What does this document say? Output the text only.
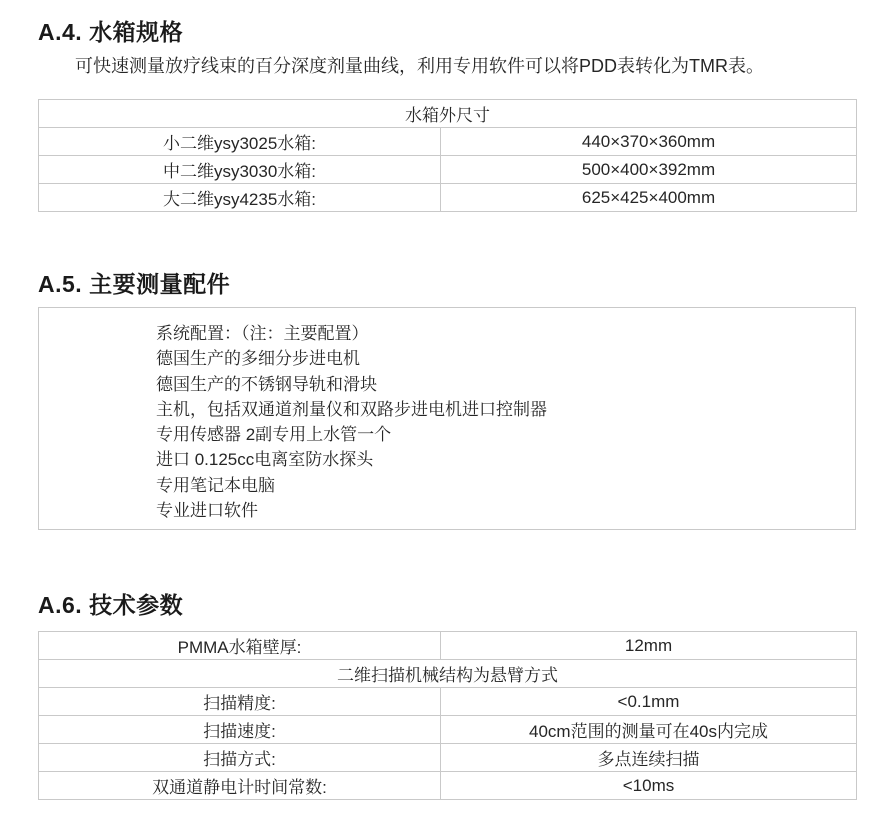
A.4. 水箱规格

可快速测量放疗线束的百分深度剂量曲线，利用专用软件可以将PDD表转化为TMR表。

水箱外尺寸	
小二维ysy3025水箱:	440×370×360mm
中二维ysy3030水箱:	500×400×392mm
大二维ysy4235水箱:	625×425×400mm
A.5. 主要测量配件
系统配置：（注：主要配置）
德国生产的多细分步进电机
德国生产的不锈钢导轨和滑块
主机，包括双通道剂量仪和双路步进电机进口控制器
专用传感器 2副专用上水管一个
进口 0.125cc电离室防水探头
专用笔记本电脑
专业进口软件
A.6. 技术参数
PMMA水箱壁厚:	12mm
二维扫描机械结构为悬臂方式	
扫描精度:	<0.1mm
扫描速度:	40cm范围的测量可在40s内完成
扫描方式:	多点连续扫描
双通道静电计时间常数:	<10ms
